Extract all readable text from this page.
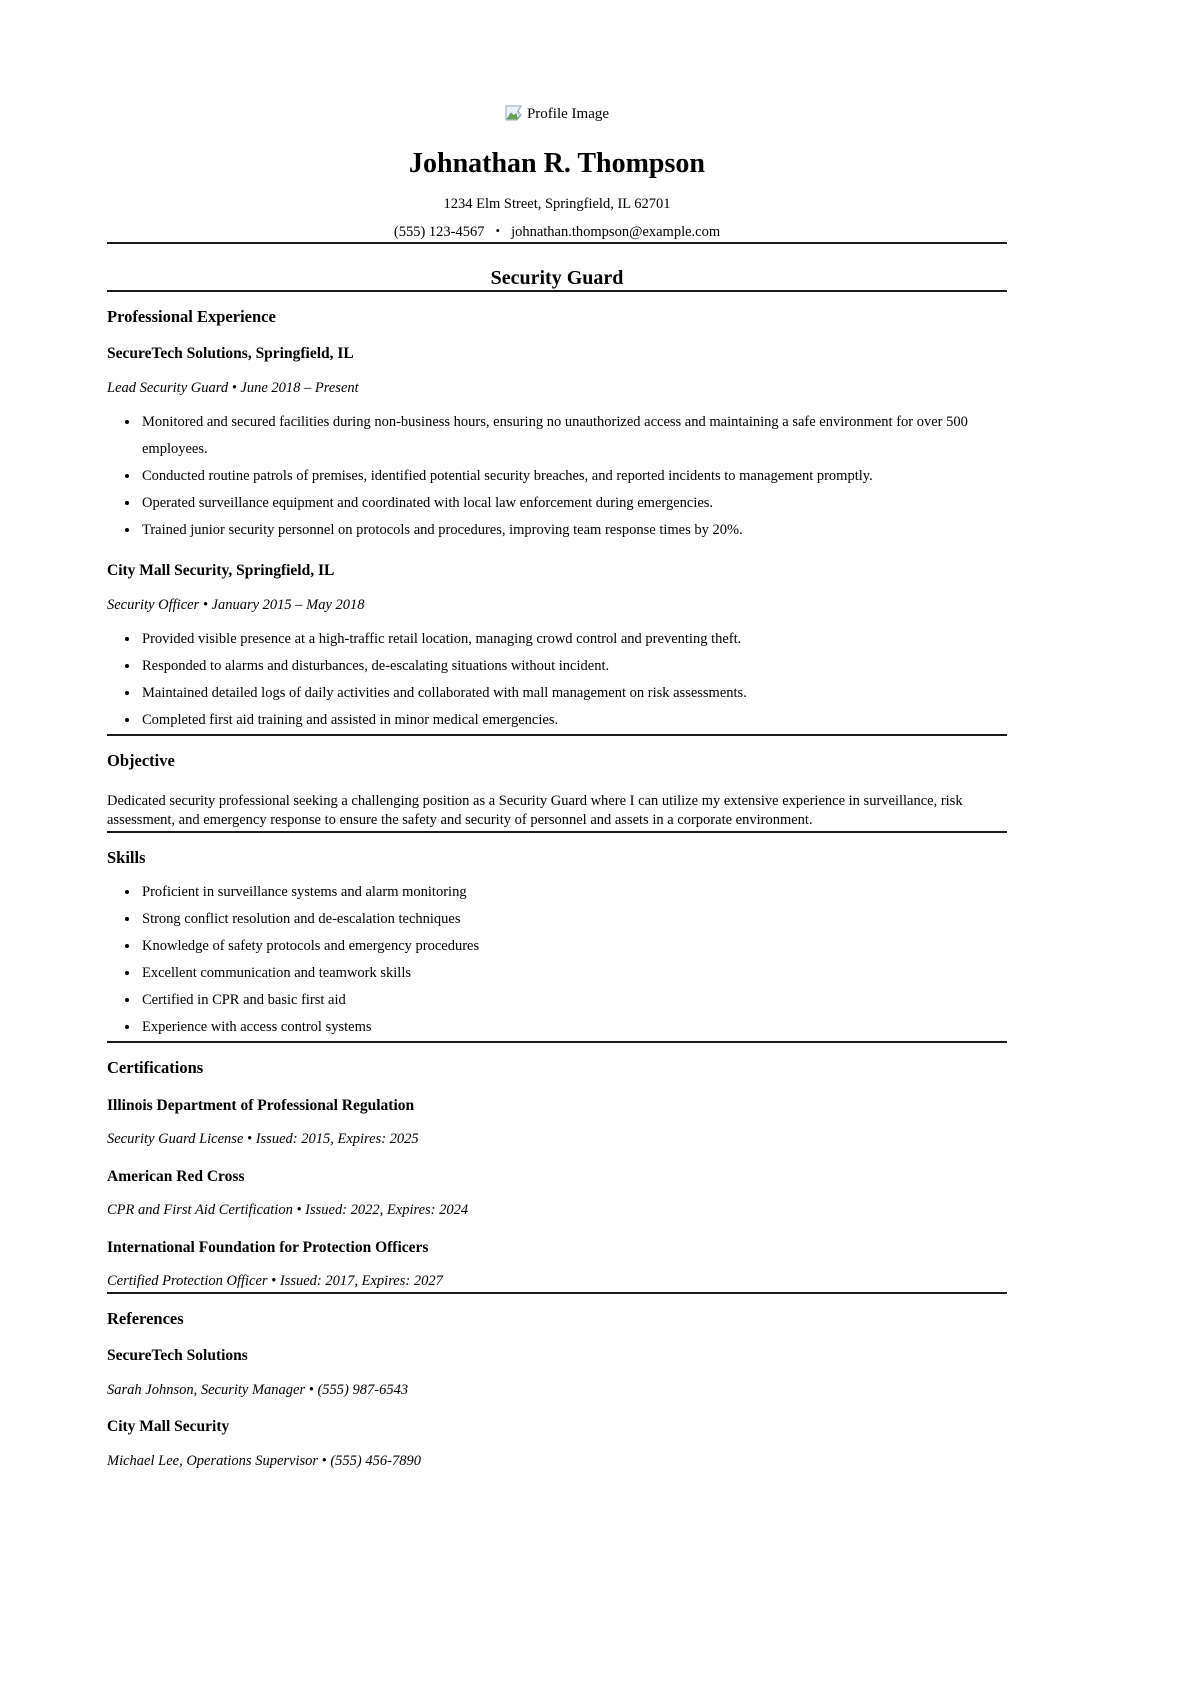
Profile Image
Johnathan R. Thompson
1234 Elm Street, Springfield, IL 62701
(555) 123-4567 • johnathan.thompson@example.com
Security Guard
Professional Experience
SecureTech Solutions, Springfield, IL
Lead Security Guard • June 2018 – Present
• Monitored and secured facilities during non-business hours, ensuring no unauthorized access and maintaining a safe environment for over 500 employees.
• Conducted routine patrols of premises, identified potential security breaches, and reported incidents to management promptly.
• Operated surveillance equipment and coordinated with local law enforcement during emergencies.
• Trained junior security personnel on protocols and procedures, improving team response times by 20%.
City Mall Security, Springfield, IL
Security Officer • January 2015 – May 2018
• Provided visible presence at a high-traffic retail location, managing crowd control and preventing theft.
• Responded to alarms and disturbances, de-escalating situations without incident.
• Maintained detailed logs of daily activities and collaborated with mall management on risk assessments.
• Completed first aid training and assisted in minor medical emergencies.
Objective
Dedicated security professional seeking a challenging position as a Security Guard where I can utilize my extensive experience in surveillance, risk assessment, and emergency response to ensure the safety and security of personnel and assets in a corporate environment.
Skills
• Proficient in surveillance systems and alarm monitoring
• Strong conflict resolution and de-escalation techniques
• Knowledge of safety protocols and emergency procedures
• Excellent communication and teamwork skills
• Certified in CPR and basic first aid
• Experience with access control systems
Certifications
Illinois Department of Professional Regulation
Security Guard License • Issued: 2015, Expires: 2025
American Red Cross
CPR and First Aid Certification • Issued: 2022, Expires: 2024
International Foundation for Protection Officers
Certified Protection Officer • Issued: 2017, Expires: 2027
References
SecureTech Solutions
Sarah Johnson, Security Manager • (555) 987-6543
City Mall Security
Michael Lee, Operations Supervisor • (555) 456-7890
